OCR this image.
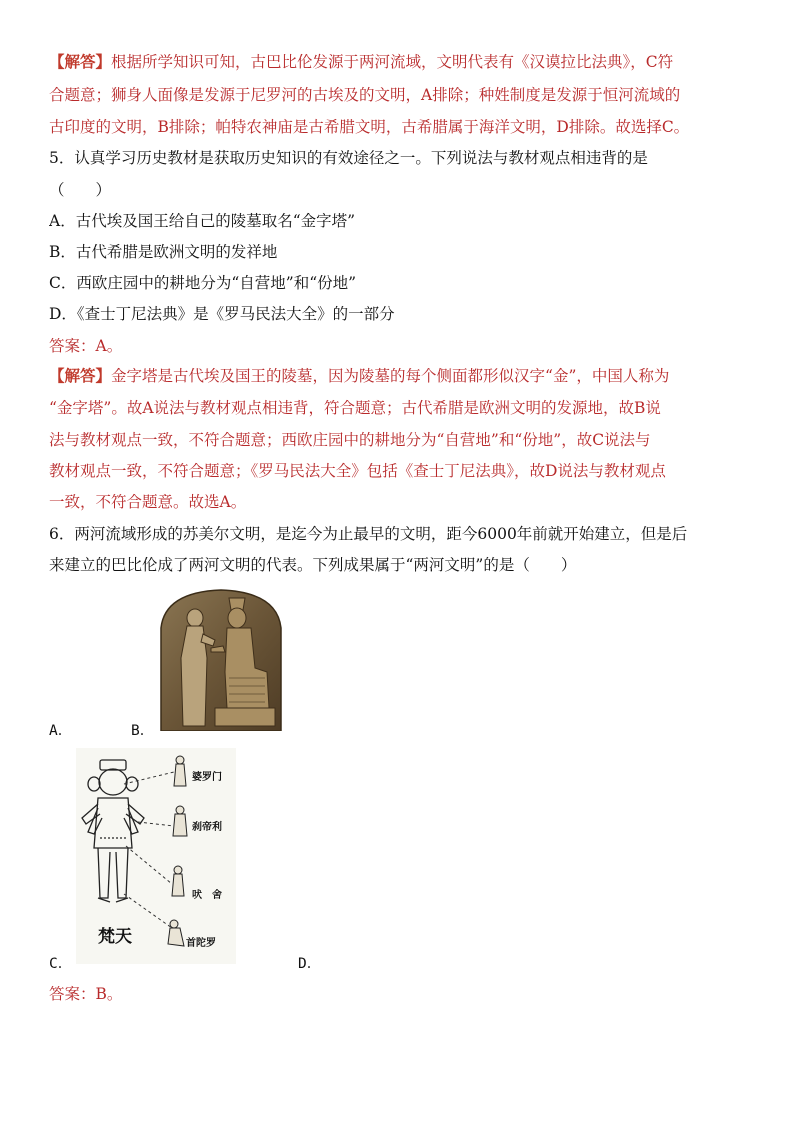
【解答】根据所学知识可知，古巴比伦发源于两河流域，文明代表有《汉谟拉比法典》，C符
合题意；狮身人面像是发源于尼罗河的古埃及的文明，A排除；种姓制度是发源于恒河流域的
古印度的文明，B排除；帕特农神庙是古希腊文明，古希腊属于海洋文明，D排除。故选择C。
5．认真学习历史教材是获取历史知识的有效途径之一。下列说法与教材观点相违背的是
（　　）
A．古代埃及国王给自己的陵墓取名“金字塔”
B．古代希腊是欧洲文明的发祥地
C．西欧庄园中的耕地分为“自营地”和“份地”
D．《查士丁尼法典》是《罗马民法大全》的一部分
答案：A。
【解答】金字塔是古代埃及国王的陵墓，因为陵墓的每个侧面都形似汉字“金”，中国人称为
“金字塔”。故A说法与教材观点相违背，符合题意；古代希腊是欧洲文明的发源地，故B说
法与教材观点一致，不符合题意；西欧庄园中的耕地分为“自营地”和“份地”，故C说法与
教材观点一致，不符合题意；《罗马民法大全》包括《查士丁尼法典》，故D说法与教材观点
一致，不符合题意。故选A。
6．两河流域形成的苏美尔文明，是迄今为止最早的文明，距今6000年前就开始建立，但是后
来建立的巴比伦成了两河文明的代表。下列成果属于“两河文明”的是（　　）
A．	B．
婆罗门
刹帝利
吠　舍
首陀罗
梵天
C．	D．
答案：B。
